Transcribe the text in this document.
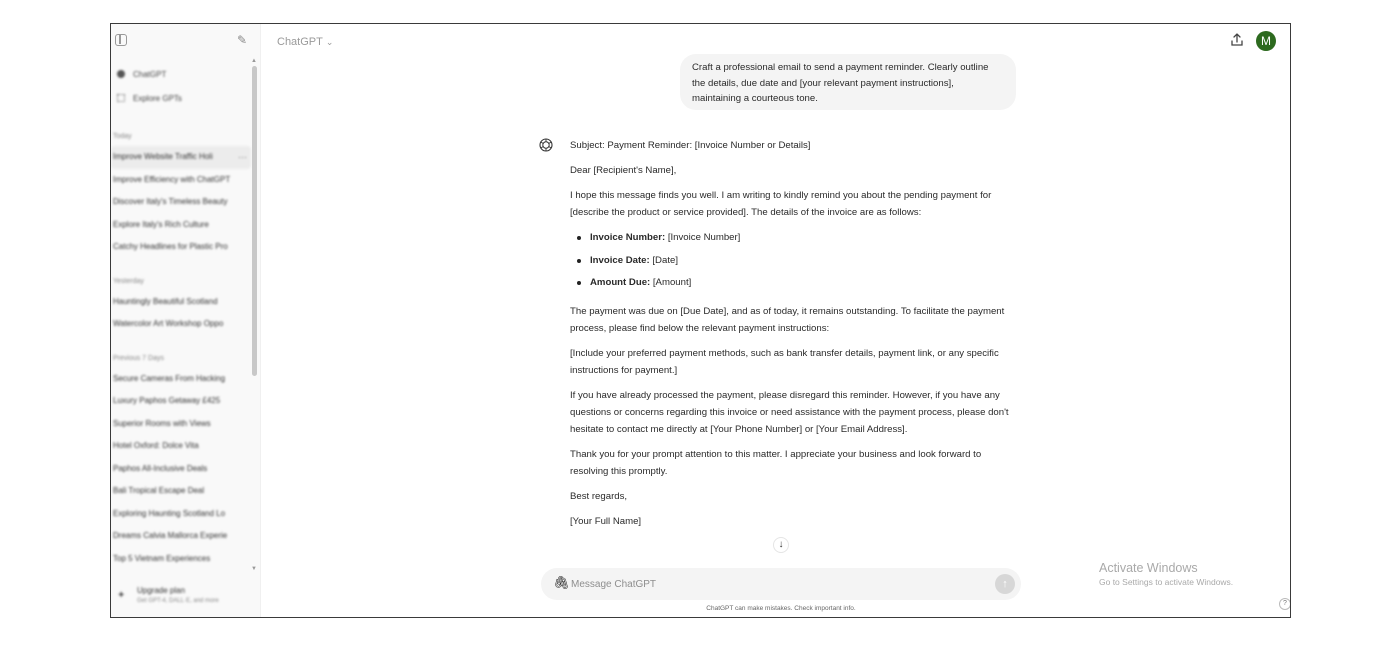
✎
ChatGPT
Explore GPTs
Today
Improve Website Traffic Holi	···
Improve Efficiency with ChatGPT
Discover Italy's Timeless Beauty
Explore Italy's Rich Culture
Catchy Headlines for Plastic Pro
Yesterday
Hauntingly Beautiful Scotland
Watercolor Art Workshop Oppo
Previous 7 Days
Secure Cameras From Hacking
Luxury Paphos Getaway £425
Superior Rooms with Views
Hotel Oxford: Dolce Vita
Paphos All-Inclusive Deals
Bali Tropical Escape Deal
Exploring Haunting Scotland Lo
Dreams Calvia Mallorca Experie
Top 5 Vietnam Experiences
▲
▼
✦ Upgrade plan
Get GPT-4, DALL·E, and more
ChatGPT ⌄	M
Craft a professional email to send a payment reminder. Clearly outline the details, due date and [your relevant payment instructions], maintaining a courteous tone.

Subject: Payment Reminder: [Invoice Number or Details]

Dear [Recipient's Name],

I hope this message finds you well. I am writing to kindly remind you about the pending payment for [describe the product or service provided]. The details of the invoice are as follows:

Invoice Number: [Invoice Number]
Invoice Date: [Date]
Amount Due: [Amount]

The payment was due on [Due Date], and as of today, it remains outstanding. To facilitate the payment process, please find below the relevant payment instructions:

[Include your preferred payment methods, such as bank transfer details, payment link, or any specific instructions for payment.]

If you have already processed the payment, please disregard this reminder. However, if you have any questions or concerns regarding this invoice or need assistance with the payment process, please don't hesitate to contact me directly at [Your Phone Number] or [Your Email Address].

Thank you for your prompt attention to this matter. I appreciate your business and look forward to resolving this promptly.

Best regards,

[Your Full Name]

↓
🖇
Message ChatGPT	↑
ChatGPT can make mistakes. Check important info.
Activate Windows
Go to Settings to activate Windows.
?
